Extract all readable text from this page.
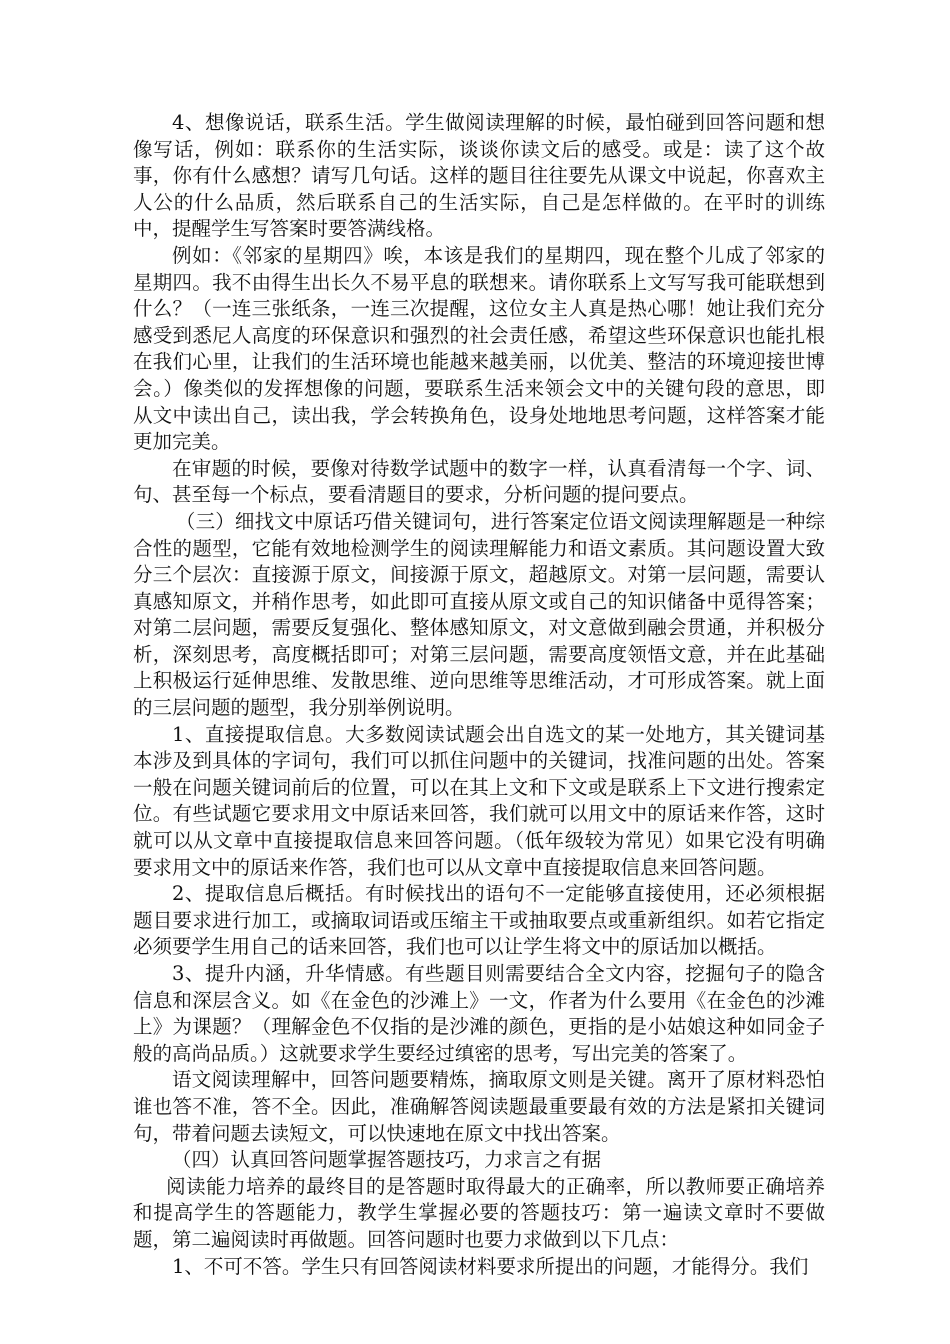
4、想像说话，联系生活。学生做阅读理解的时候，最怕碰到回答问题和想像写话，例如：联系你的生活实际，谈谈你读文后的感受。或是：读了这个故事，你有什么感想？请写几句话。这样的题目往往要先从课文中说起，你喜欢主人公的什么品质，然后联系自己的生活实际，自己是怎样做的。在平时的训练中，提醒学生写答案时要答满线格。

例如：《邻家的星期四》唉，本该是我们的星期四，现在整个儿成了邻家的星期四。我不由得生出长久不易平息的联想来。请你联系上文写写我可能联想到什么？（一连三张纸条，一连三次提醒，这位女主人真是热心哪！她让我们充分感受到悉尼人高度的环保意识和强烈的社会责任感，希望这些环保意识也能扎根在我们心里，让我们的生活环境也能越来越美丽，以优美、整洁的环境迎接世博会。）像类似的发挥想像的问题，要联系生活来领会文中的关键句段的意思，即从文中读出自己，读出我，学会转换角色，设身处地地思考问题，这样答案才能更加完美。

在审题的时候，要像对待数学试题中的数字一样，认真看清每一个字、词、句、甚至每一个标点，要看清题目的要求，分析问题的提问要点。

（三）细找文中原话巧借关键词句，进行答案定位语文阅读理解题是一种综合性的题型，它能有效地检测学生的阅读理解能力和语文素质。其问题设置大致分三个层次：直接源于原文，间接源于原文，超越原文。对第一层问题，需要认真感知原文，并稍作思考，如此即可直接从原文或自己的知识储备中觅得答案；对第二层问题，需要反复强化、整体感知原文，对文意做到融会贯通，并积极分析，深刻思考，高度概括即可；对第三层问题，需要高度领悟文意，并在此基础上积极运行延伸思维、发散思维、逆向思维等思维活动，才可形成答案。就上面的三层问题的题型，我分别举例说明。

1、直接提取信息。大多数阅读试题会出自选文的某一处地方，其关键词基本涉及到具体的字词句，我们可以抓住问题中的关键词，找准问题的出处。答案一般在问题关键词前后的位置，可以在其上文和下文或是联系上下文进行搜索定位。有些试题它要求用文中原话来回答，我们就可以用文中的原话来作答，这时就可以从文章中直接提取信息来回答问题。（低年级较为常见）如果它没有明确要求用文中的原话来作答，我们也可以从文章中直接提取信息来回答问题。

2、提取信息后概括。有时候找出的语句不一定能够直接使用，还必须根据题目要求进行加工，或摘取词语或压缩主干或抽取要点或重新组织。如若它指定必须要学生用自己的话来回答，我们也可以让学生将文中的原话加以概括。

3、提升内涵，升华情感。有些题目则需要结合全文内容，挖掘句子的隐含信息和深层含义。如《在金色的沙滩上》一文，作者为什么要用《在金色的沙滩上》为课题？（理解金色不仅指的是沙滩的颜色，更指的是小姑娘这种如同金子般的高尚品质。）这就要求学生要经过缜密的思考，写出完美的答案了。

语文阅读理解中，回答问题要精炼，摘取原文则是关键。离开了原材料恐怕谁也答不准，答不全。因此，准确解答阅读题最重要最有效的方法是紧扣关键词句，带着问题去读短文，可以快速地在原文中找出答案。

（四）认真回答问题掌握答题技巧，力求言之有据

阅读能力培养的最终目的是答题时取得最大的正确率，所以教师要正确培养和提高学生的答题能力，教学生掌握必要的答题技巧：第一遍读文章时不要做题，第二遍阅读时再做题。回答问题时也要力求做到以下几点：

1、不可不答。学生只有回答阅读材料要求所提出的问题，才能得分。我们
